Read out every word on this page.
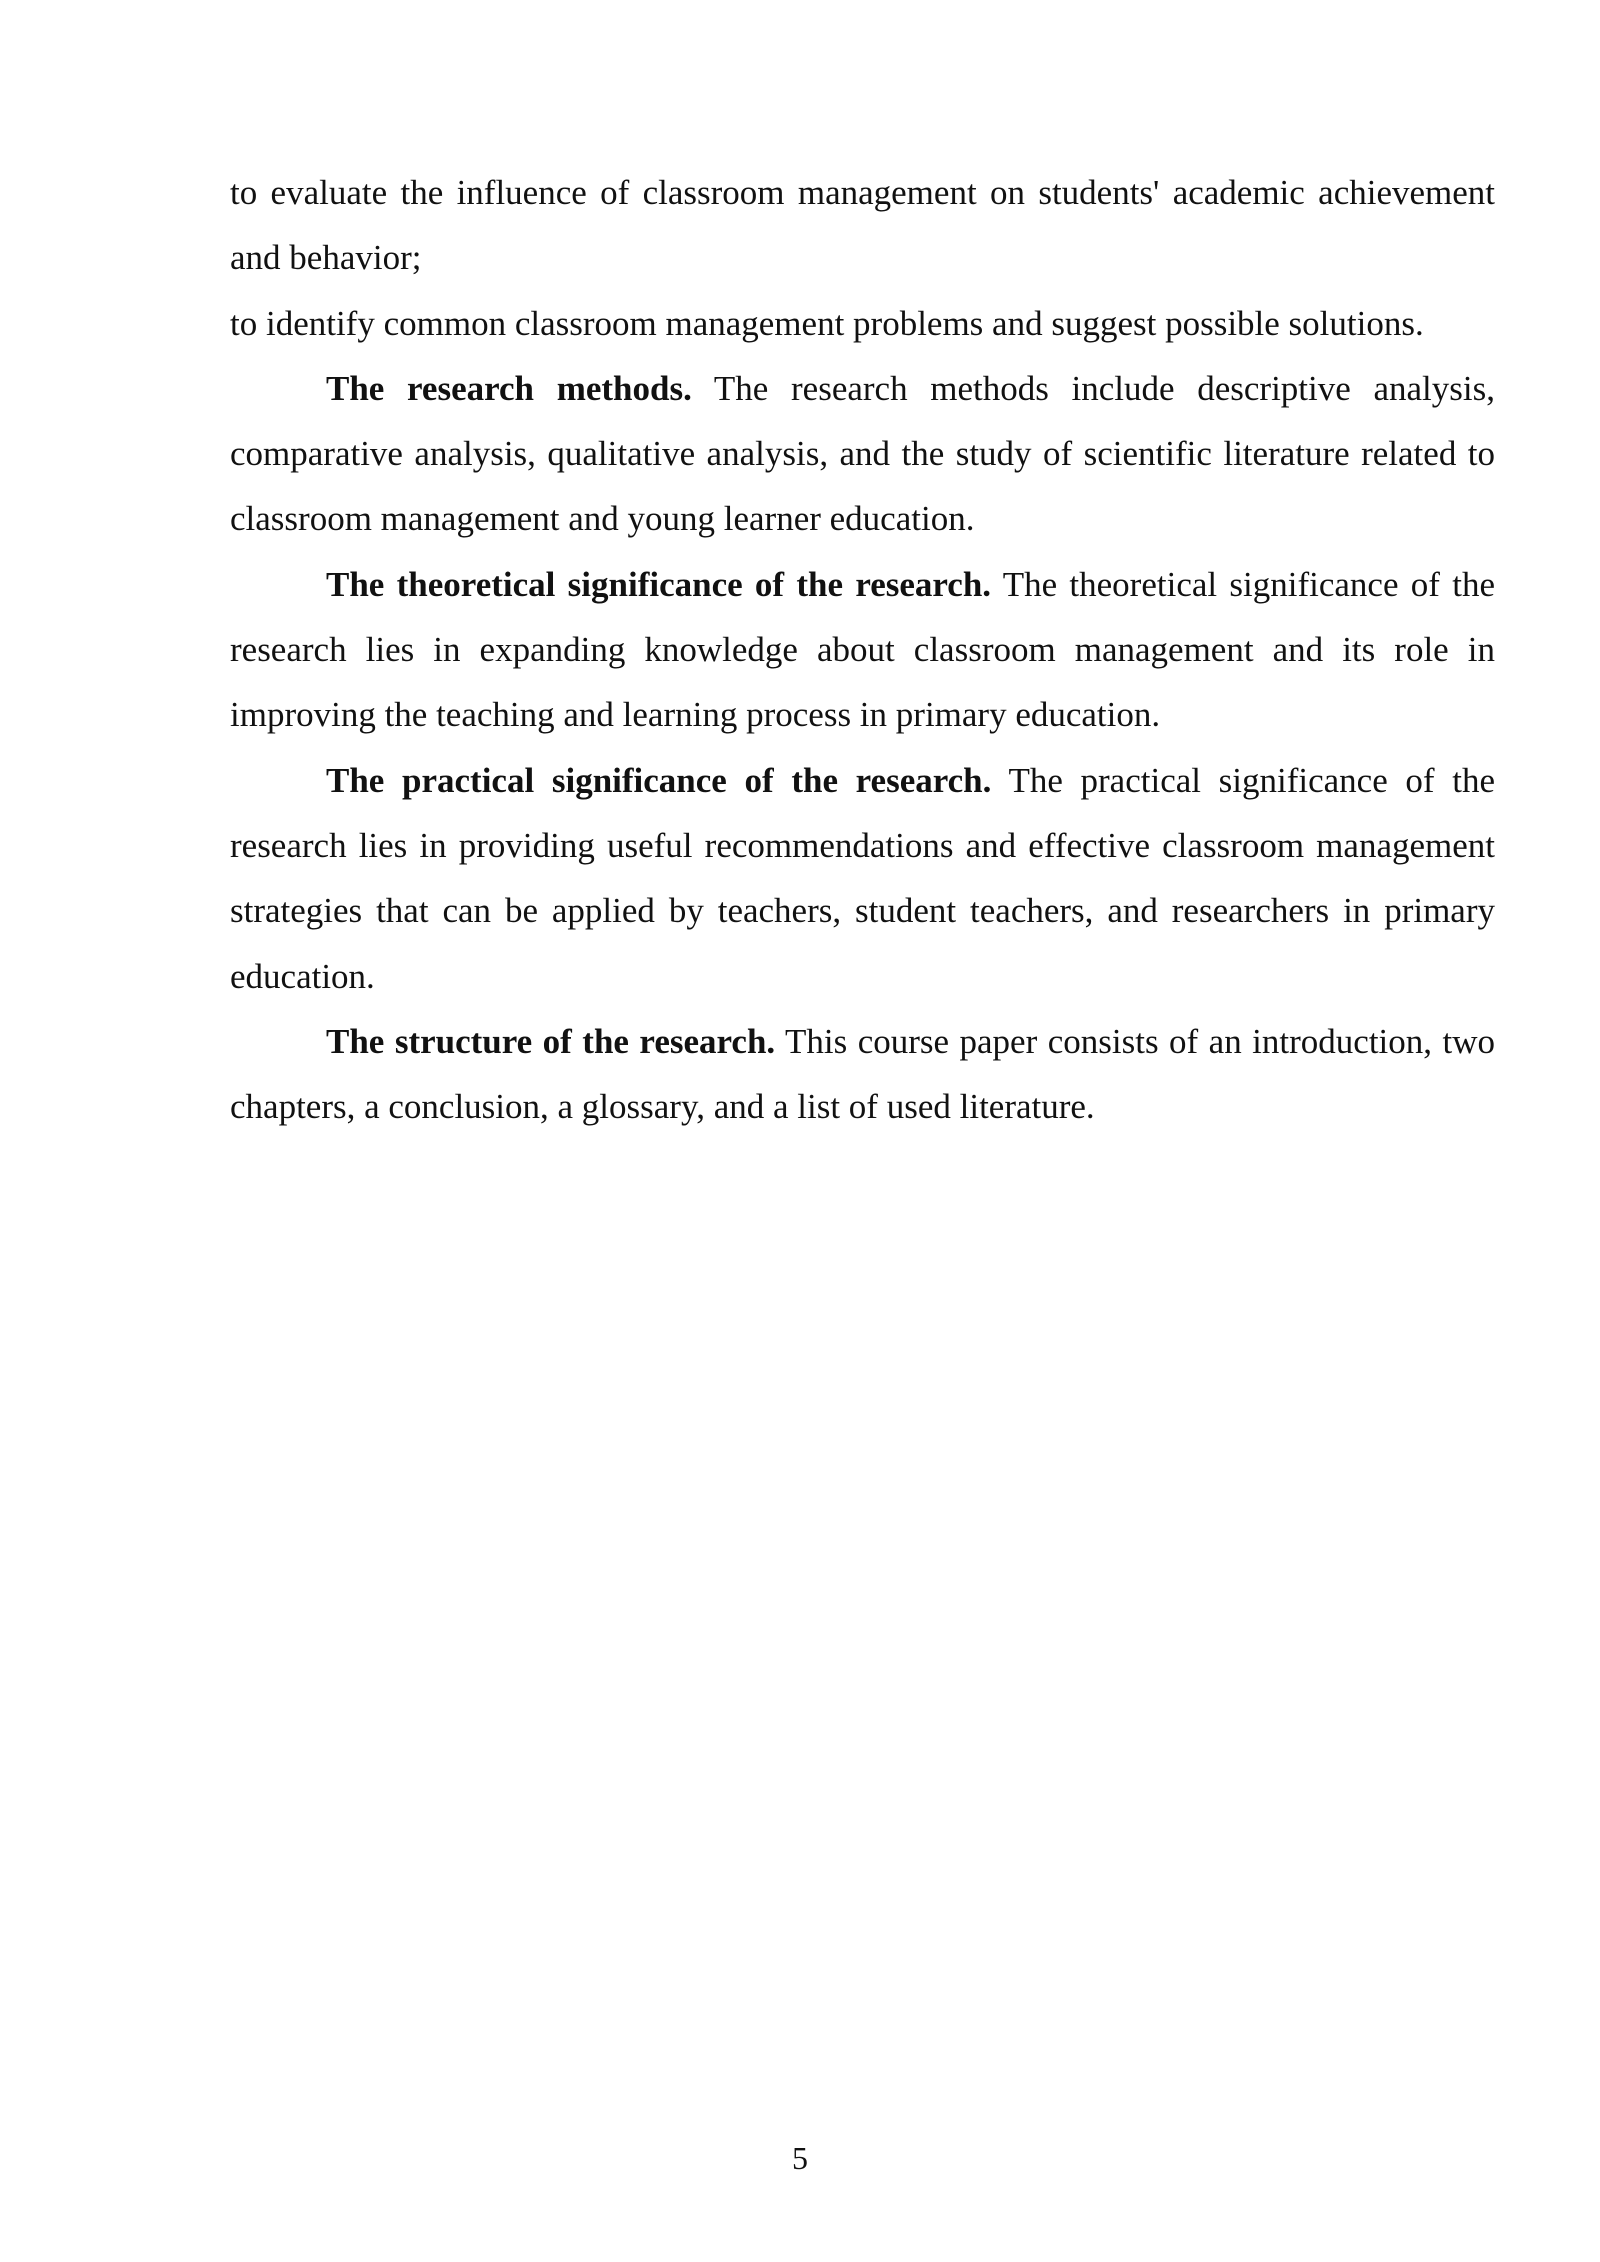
to evaluate the influence of classroom management on students' academic achievement and behavior;

to identify common classroom management problems and suggest possible solutions.

The research methods. The research methods include descriptive analysis, comparative analysis, qualitative analysis, and the study of scientific literature related to classroom management and young learner education.

The theoretical significance of the research. The theoretical significance of the research lies in expanding knowledge about classroom management and its role in improving the teaching and learning process in primary education.

The practical significance of the research. The practical significance of the research lies in providing useful recommendations and effective classroom management strategies that can be applied by teachers, student teachers, and researchers in primary education.

The structure of the research. This course paper consists of an introduction, two chapters, a conclusion, a glossary, and a list of used literature.

5
